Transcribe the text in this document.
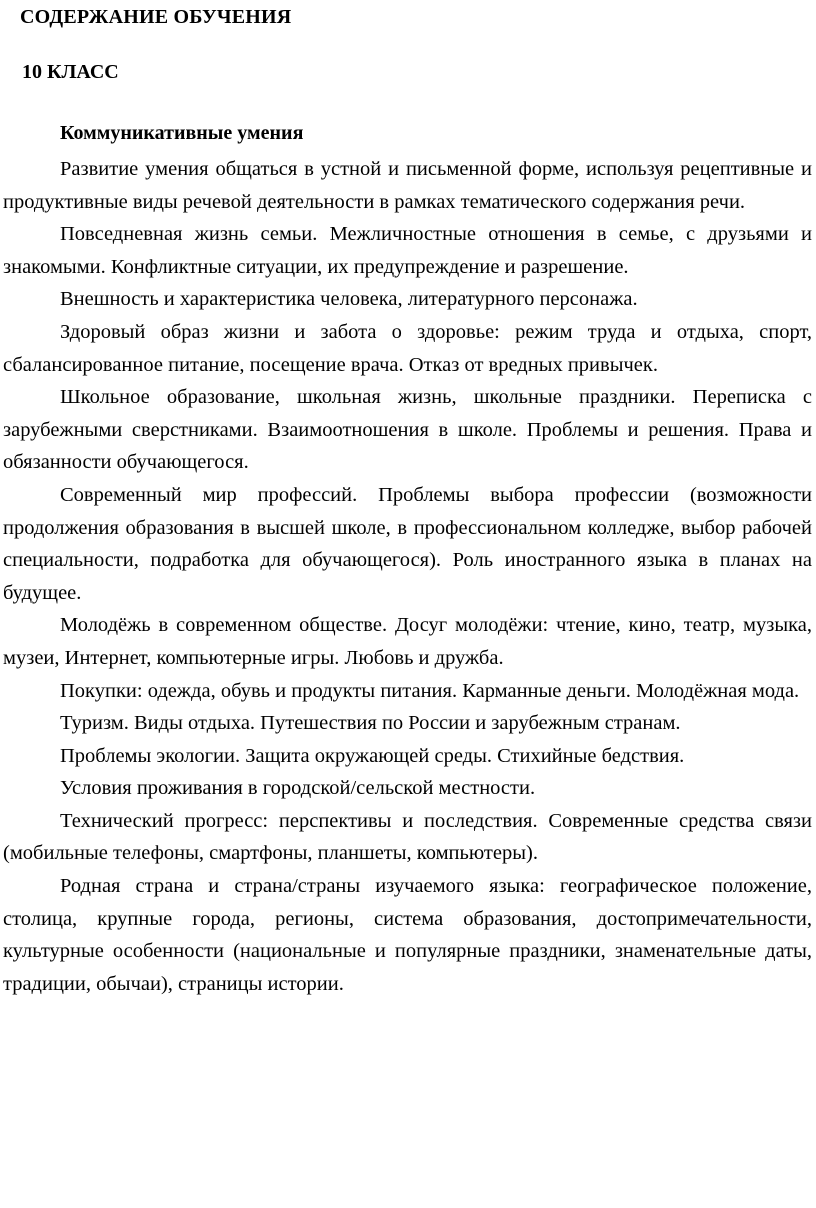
СОДЕРЖАНИЕ ОБУЧЕНИЯ
10 КЛАСС
Коммуникативные умения

Развитие умения общаться в устной и письменной форме, используя рецептивные и продуктивные виды речевой деятельности в рамках тематического содержания речи.

Повседневная жизнь семьи. Межличностные отношения в семье, с друзьями и знакомыми. Конфликтные ситуации, их предупреждение и разрешение.

Внешность и характеристика человека, литературного персонажа.

Здоровый образ жизни и забота о здоровье: режим труда и отдыха, спорт, сбалансированное питание, посещение врача. Отказ от вредных привычек.

Школьное образование, школьная жизнь, школьные праздники. Переписка с зарубежными сверстниками. Взаимоотношения в школе. Проблемы и решения. Права и обязанности обучающегося.

Современный мир профессий. Проблемы выбора профессии (возможности продолжения образования в высшей школе, в профессиональном колледже, выбор рабочей специальности, подработка для обучающегося). Роль иностранного языка в планах на будущее.

Молодёжь в современном обществе. Досуг молодёжи: чтение, кино, театр, музыка, музеи, Интернет, компьютерные игры. Любовь и дружба.

Покупки: одежда, обувь и продукты питания. Карманные деньги. Молодёжная мода.

Туризм. Виды отдыха. Путешествия по России и зарубежным странам.

Проблемы экологии. Защита окружающей среды. Стихийные бедствия.

Условия проживания в городской/сельской местности.

Технический прогресс: перспективы и последствия. Современные средства связи (мобильные телефоны, смартфоны, планшеты, компьютеры).

Родная страна и страна/страны изучаемого языка: географическое положение, столица, крупные города, регионы, система образования, достопримечательности, культурные особенности (национальные и популярные праздники, знаменательные даты, традиции, обычаи), страницы истории.
